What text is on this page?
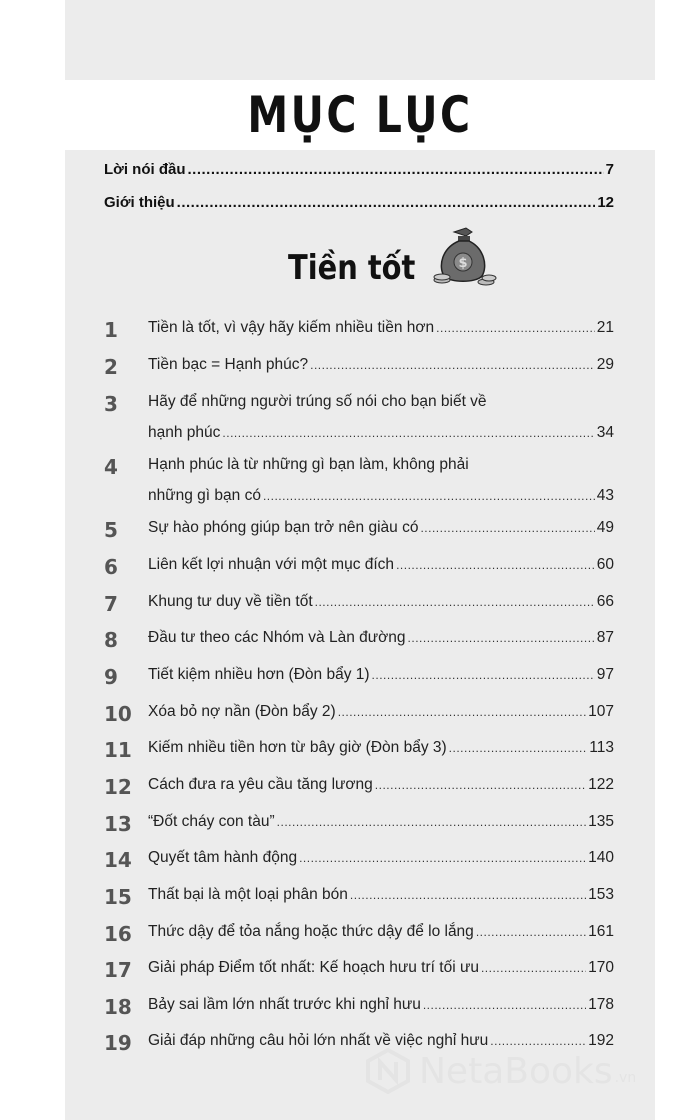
MỤC LỤC
Lời nói đầu .....	7
Giới thiệu .....	12
Tiền tốt	$
1	Tiền là tốt, vì vậy hãy kiếm nhiều tiền hơn .....	21
2	Tiền bạc = Hạnh phúc? .....	29
3	Hãy để những người trúng số nói cho bạn biết về
hạnh phúc .....	34
4	Hạnh phúc là từ những gì bạn làm, không phải
những gì bạn có .....	43
5	Sự hào phóng giúp bạn trở nên giàu có .....	49
6	Liên kết lợi nhuận với một mục đích .....	60
7	Khung tư duy về tiền tốt .....	66
8	Đầu tư theo các Nhóm và Làn đường .....	87
9	Tiết kiệm nhiều hơn (Đòn bẩy 1) .....	97
10	Xóa bỏ nợ nần (Đòn bẩy 2) .....	107
11	Kiếm nhiều tiền hơn từ bây giờ (Đòn bẩy 3) .....	113
12	Cách đưa ra yêu cầu tăng lương .....	122
13	“Đốt cháy con tàu” .....	135
14	Quyết tâm hành động .....	140
15	Thất bại là một loại phân bón .....	153
16	Thức dậy để tỏa nắng hoặc thức dậy để lo lắng .....	161
17	Giải pháp Điểm tốt nhất: Kế hoạch hưu trí tối ưu .....	170
18	Bảy sai lầm lớn nhất trước khi nghỉ hưu .....	178
19	Giải đáp những câu hỏi lớn nhất về việc nghỉ hưu .....	192
NetaBooks .vn
